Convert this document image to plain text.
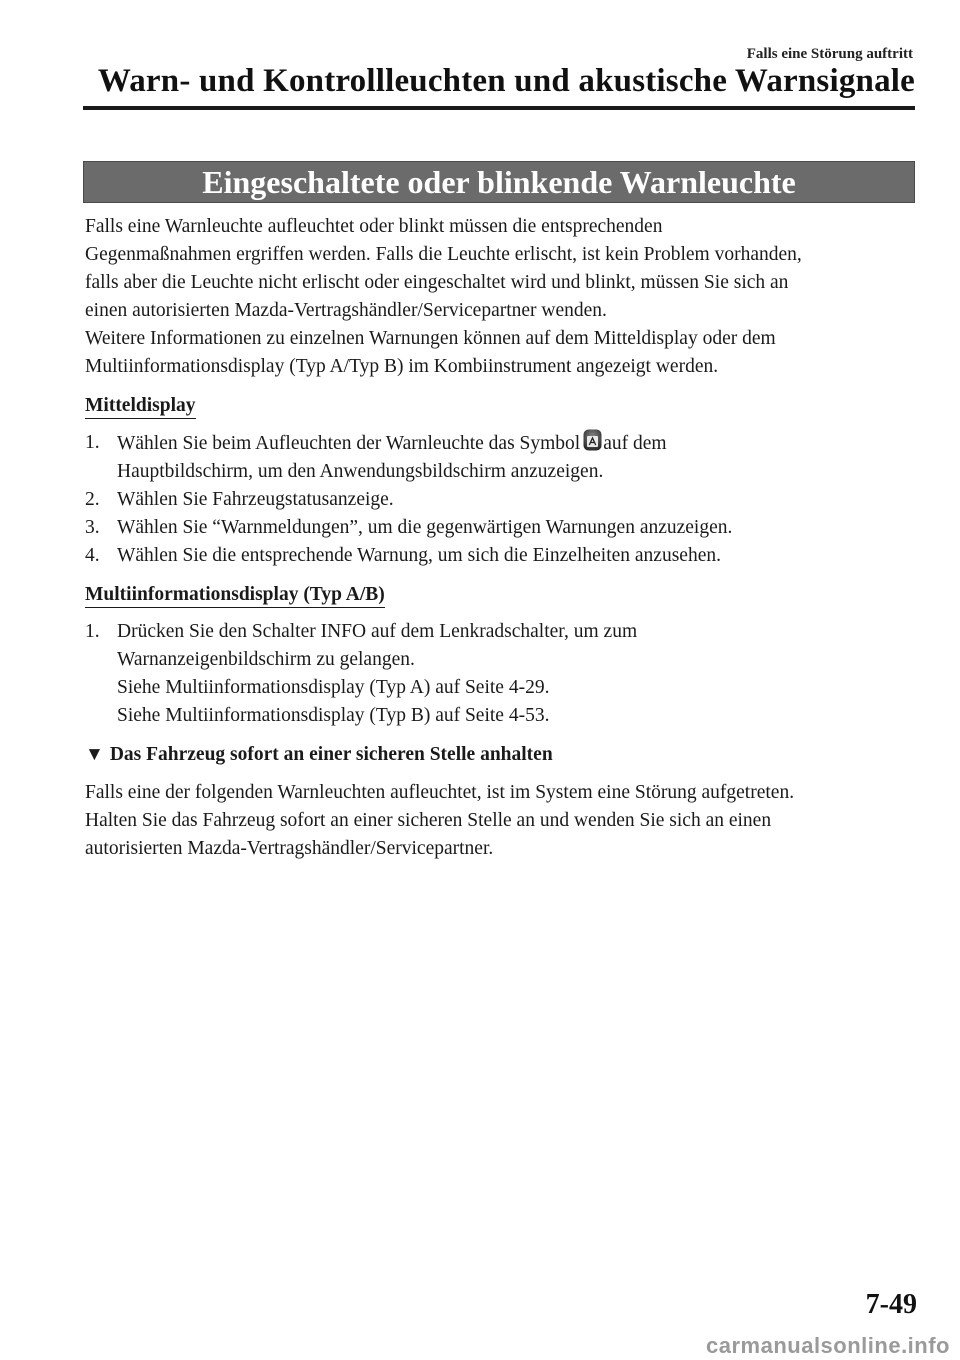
Falls eine Störung auftritt
Warn- und Kontrollleuchten und akustische Warnsignale
Eingeschaltete oder blinkende Warnleuchte

Falls eine Warnleuchte aufleuchtet oder blinkt müssen die entsprechenden

Gegenmaßnahmen ergriffen werden. Falls die Leuchte erlischt, ist kein Problem vorhanden,

falls aber die Leuchte nicht erlischt oder eingeschaltet wird und blinkt, müssen Sie sich an

einen autorisierten Mazda-Vertragshändler/Servicepartner wenden.

Weitere Informationen zu einzelnen Warnungen können auf dem Mitteldisplay oder dem

Multiinformationsdisplay (Typ A/Typ B) im Kombiinstrument angezeigt werden.

Mitteldisplay
1. Wählen Sie beim Aufleuchten der Warnleuchte das Symbol auf dem
Hauptbildschirm, um den Anwendungsbildschirm anzuzeigen.
2. Wählen Sie Fahrzeugstatusanzeige.
3. Wählen Sie “Warnmeldungen”, um die gegenwärtigen Warnungen anzuzeigen.
4. Wählen Sie die entsprechende Warnung, um sich die Einzelheiten anzusehen.
Multiinformationsdisplay (Typ A/B)
1. Drücken Sie den Schalter INFO auf dem Lenkradschalter, um zum
Warnanzeigenbildschirm zu gelangen.
Siehe Multiinformationsdisplay (Typ A) auf Seite 4-29.
Siehe Multiinformationsdisplay (Typ B) auf Seite 4-53.
▼ Das Fahrzeug sofort an einer sicheren Stelle anhalten

Falls eine der folgenden Warnleuchten aufleuchtet, ist im System eine Störung aufgetreten.

Halten Sie das Fahrzeug sofort an einer sicheren Stelle an und wenden Sie sich an einen

autorisierten Mazda-Vertragshändler/Servicepartner.

7-49
carmanualsonline.info
